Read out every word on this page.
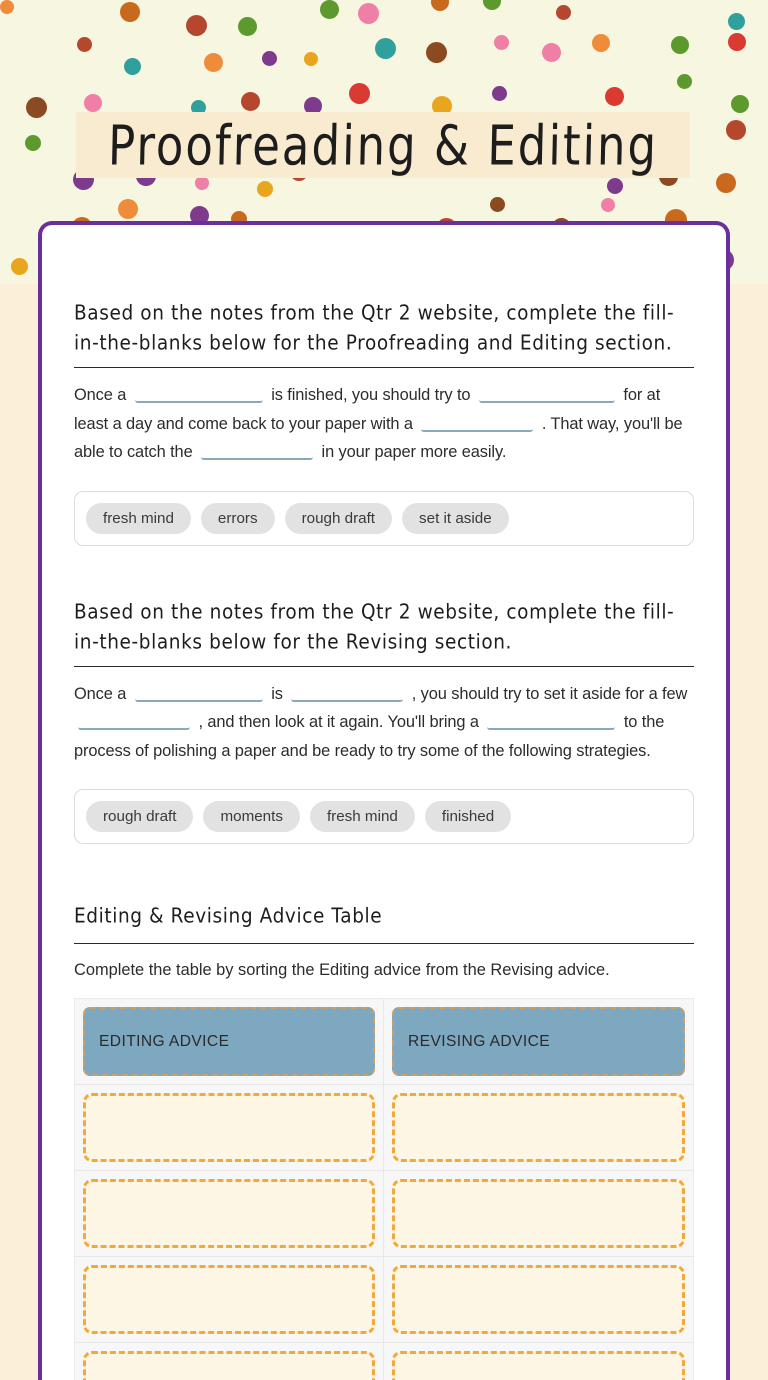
Proofreading & Editing
Based on the notes from the Qtr 2 website, complete the fill-in-the-blanks below for the Proofreading and Editing section.
Once a	is finished, you should try to	for at least a day and come back to your paper with a	. That way, you'll be able to catch the	in your paper more easily.
fresh mind	errors	rough draft	set it aside
Based on the notes from the Qtr 2 website, complete the fill-in-the-blanks below for the Revising section.
Once a	is	, you should try to set it aside for a few  , and then look at it again. You'll bring a	to the process of polishing a paper and be ready to try some of the following strategies.
rough draft	moments	fresh mind	finished
Editing & Revising Advice Table
Complete the table by sorting the Editing advice from the Revising advice.
EDITING ADVICE	REVISING ADVICE
